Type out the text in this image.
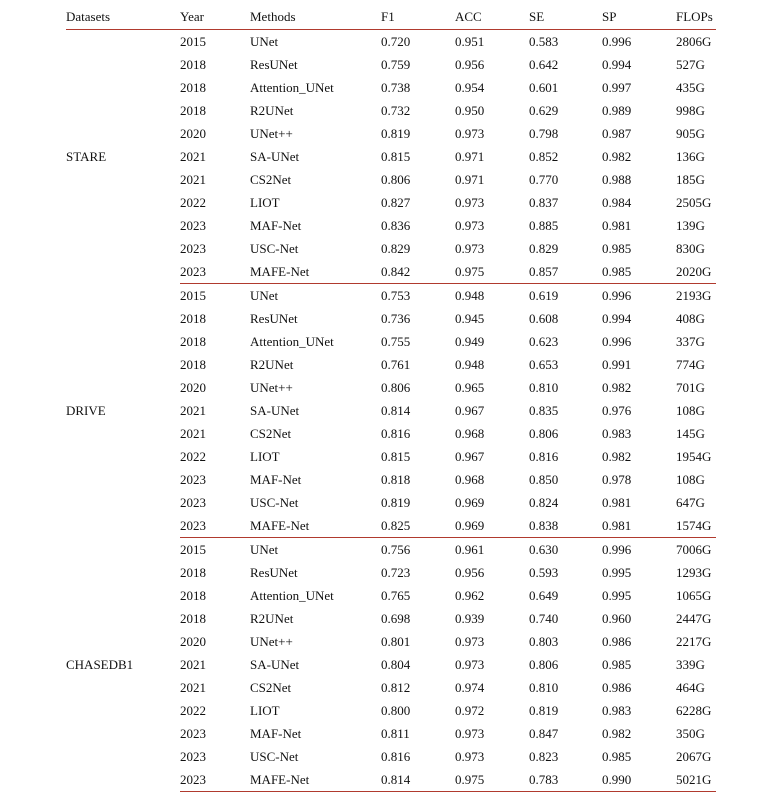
Datasets	Year	Methods	F1	ACC	SE	SP	FLOPs
STARE	2015	UNet	0.720	0.951	0.583	0.996	2806G
	2018	ResUNet	0.759	0.956	0.642	0.994	527G
	2018	Attention_UNet	0.738	0.954	0.601	0.997	435G
	2018	R2UNet	0.732	0.950	0.629	0.989	998G
	2020	UNet++	0.819	0.973	0.798	0.987	905G
	2021	SA-UNet	0.815	0.971	0.852	0.982	136G
	2021	CS2Net	0.806	0.971	0.770	0.988	185G
	2022	LIOT	0.827	0.973	0.837	0.984	2505G
	2023	MAF-Net	0.836	0.973	0.885	0.981	139G
	2023	USC-Net	0.829	0.973	0.829	0.985	830G
	2023	MAFE-Net	0.842	0.975	0.857	0.985	2020G
DRIVE	2015	UNet	0.753	0.948	0.619	0.996	2193G
	2018	ResUNet	0.736	0.945	0.608	0.994	408G
	2018	Attention_UNet	0.755	0.949	0.623	0.996	337G
	2018	R2UNet	0.761	0.948	0.653	0.991	774G
	2020	UNet++	0.806	0.965	0.810	0.982	701G
	2021	SA-UNet	0.814	0.967	0.835	0.976	108G
	2021	CS2Net	0.816	0.968	0.806	0.983	145G
	2022	LIOT	0.815	0.967	0.816	0.982	1954G
	2023	MAF-Net	0.818	0.968	0.850	0.978	108G
	2023	USC-Net	0.819	0.969	0.824	0.981	647G
	2023	MAFE-Net	0.825	0.969	0.838	0.981	1574G
CHASEDB1	2015	UNet	0.756	0.961	0.630	0.996	7006G
	2018	ResUNet	0.723	0.956	0.593	0.995	1293G
	2018	Attention_UNet	0.765	0.962	0.649	0.995	1065G
	2018	R2UNet	0.698	0.939	0.740	0.960	2447G
	2020	UNet++	0.801	0.973	0.803	0.986	2217G
	2021	SA-UNet	0.804	0.973	0.806	0.985	339G
	2021	CS2Net	0.812	0.974	0.810	0.986	464G
	2022	LIOT	0.800	0.972	0.819	0.983	6228G
	2023	MAF-Net	0.811	0.973	0.847	0.982	350G
	2023	USC-Net	0.816	0.973	0.823	0.985	2067G
	2023	MAFE-Net	0.814	0.975	0.783	0.990	5021G
